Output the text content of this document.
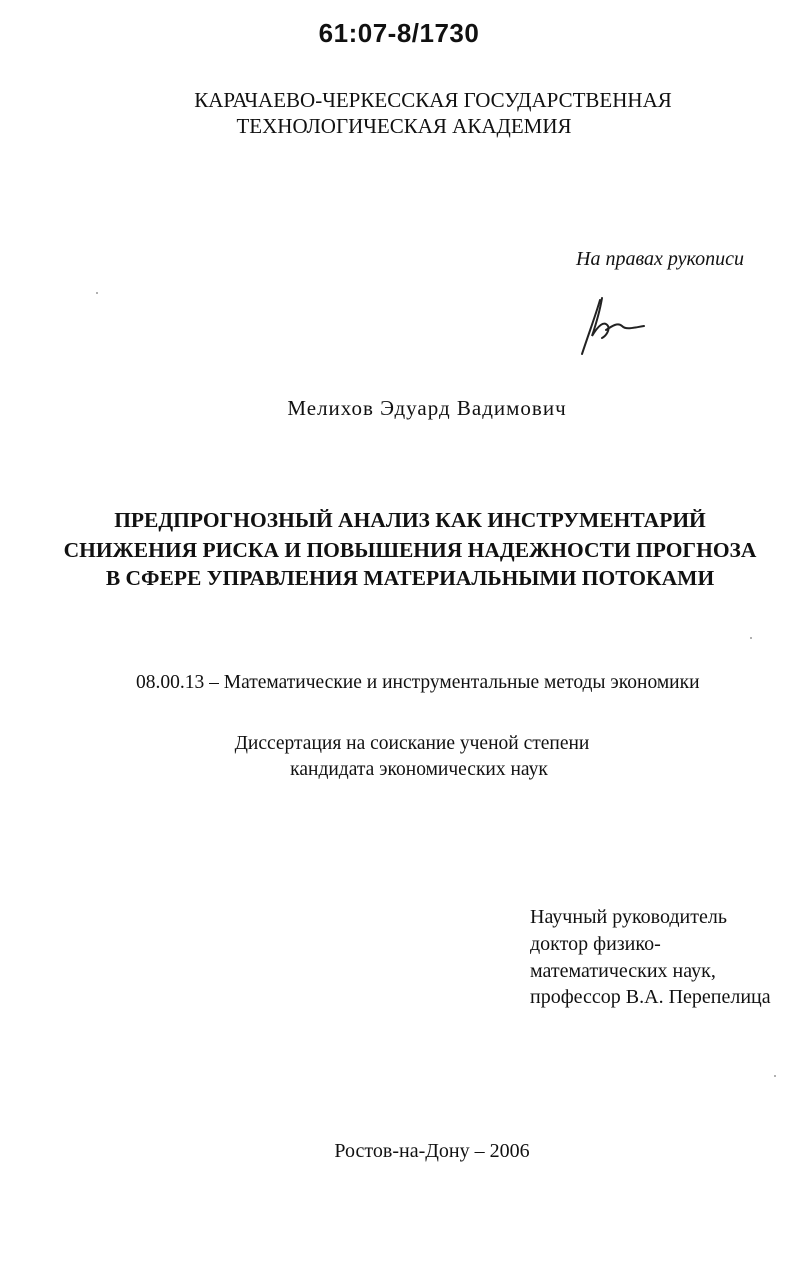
61:07-8/1730
КАРАЧАЕВО-ЧЕРКЕССКАЯ ГОСУДАРСТВЕННАЯ
ТЕХНОЛОГИЧЕСКАЯ АКАДЕМИЯ
На правах рукописи
Мелихов Эдуард Вадимович
ПРЕДПРОГНОЗНЫЙ АНАЛИЗ КАК ИНСТРУМЕНТАРИЙ
СНИЖЕНИЯ РИСКА И ПОВЫШЕНИЯ НАДЕЖНОСТИ ПРОГНОЗА
В СФЕРЕ УПРАВЛЕНИЯ МАТЕРИАЛЬНЫМИ ПОТОКАМИ
08.00.13 – Математические и инструментальные методы экономики
Диссертация на соискание ученой степени
кандидата экономических наук
Научный руководитель
доктор физико-
математических наук,
профессор В.А. Перепелица
Ростов-на-Дону – 2006
